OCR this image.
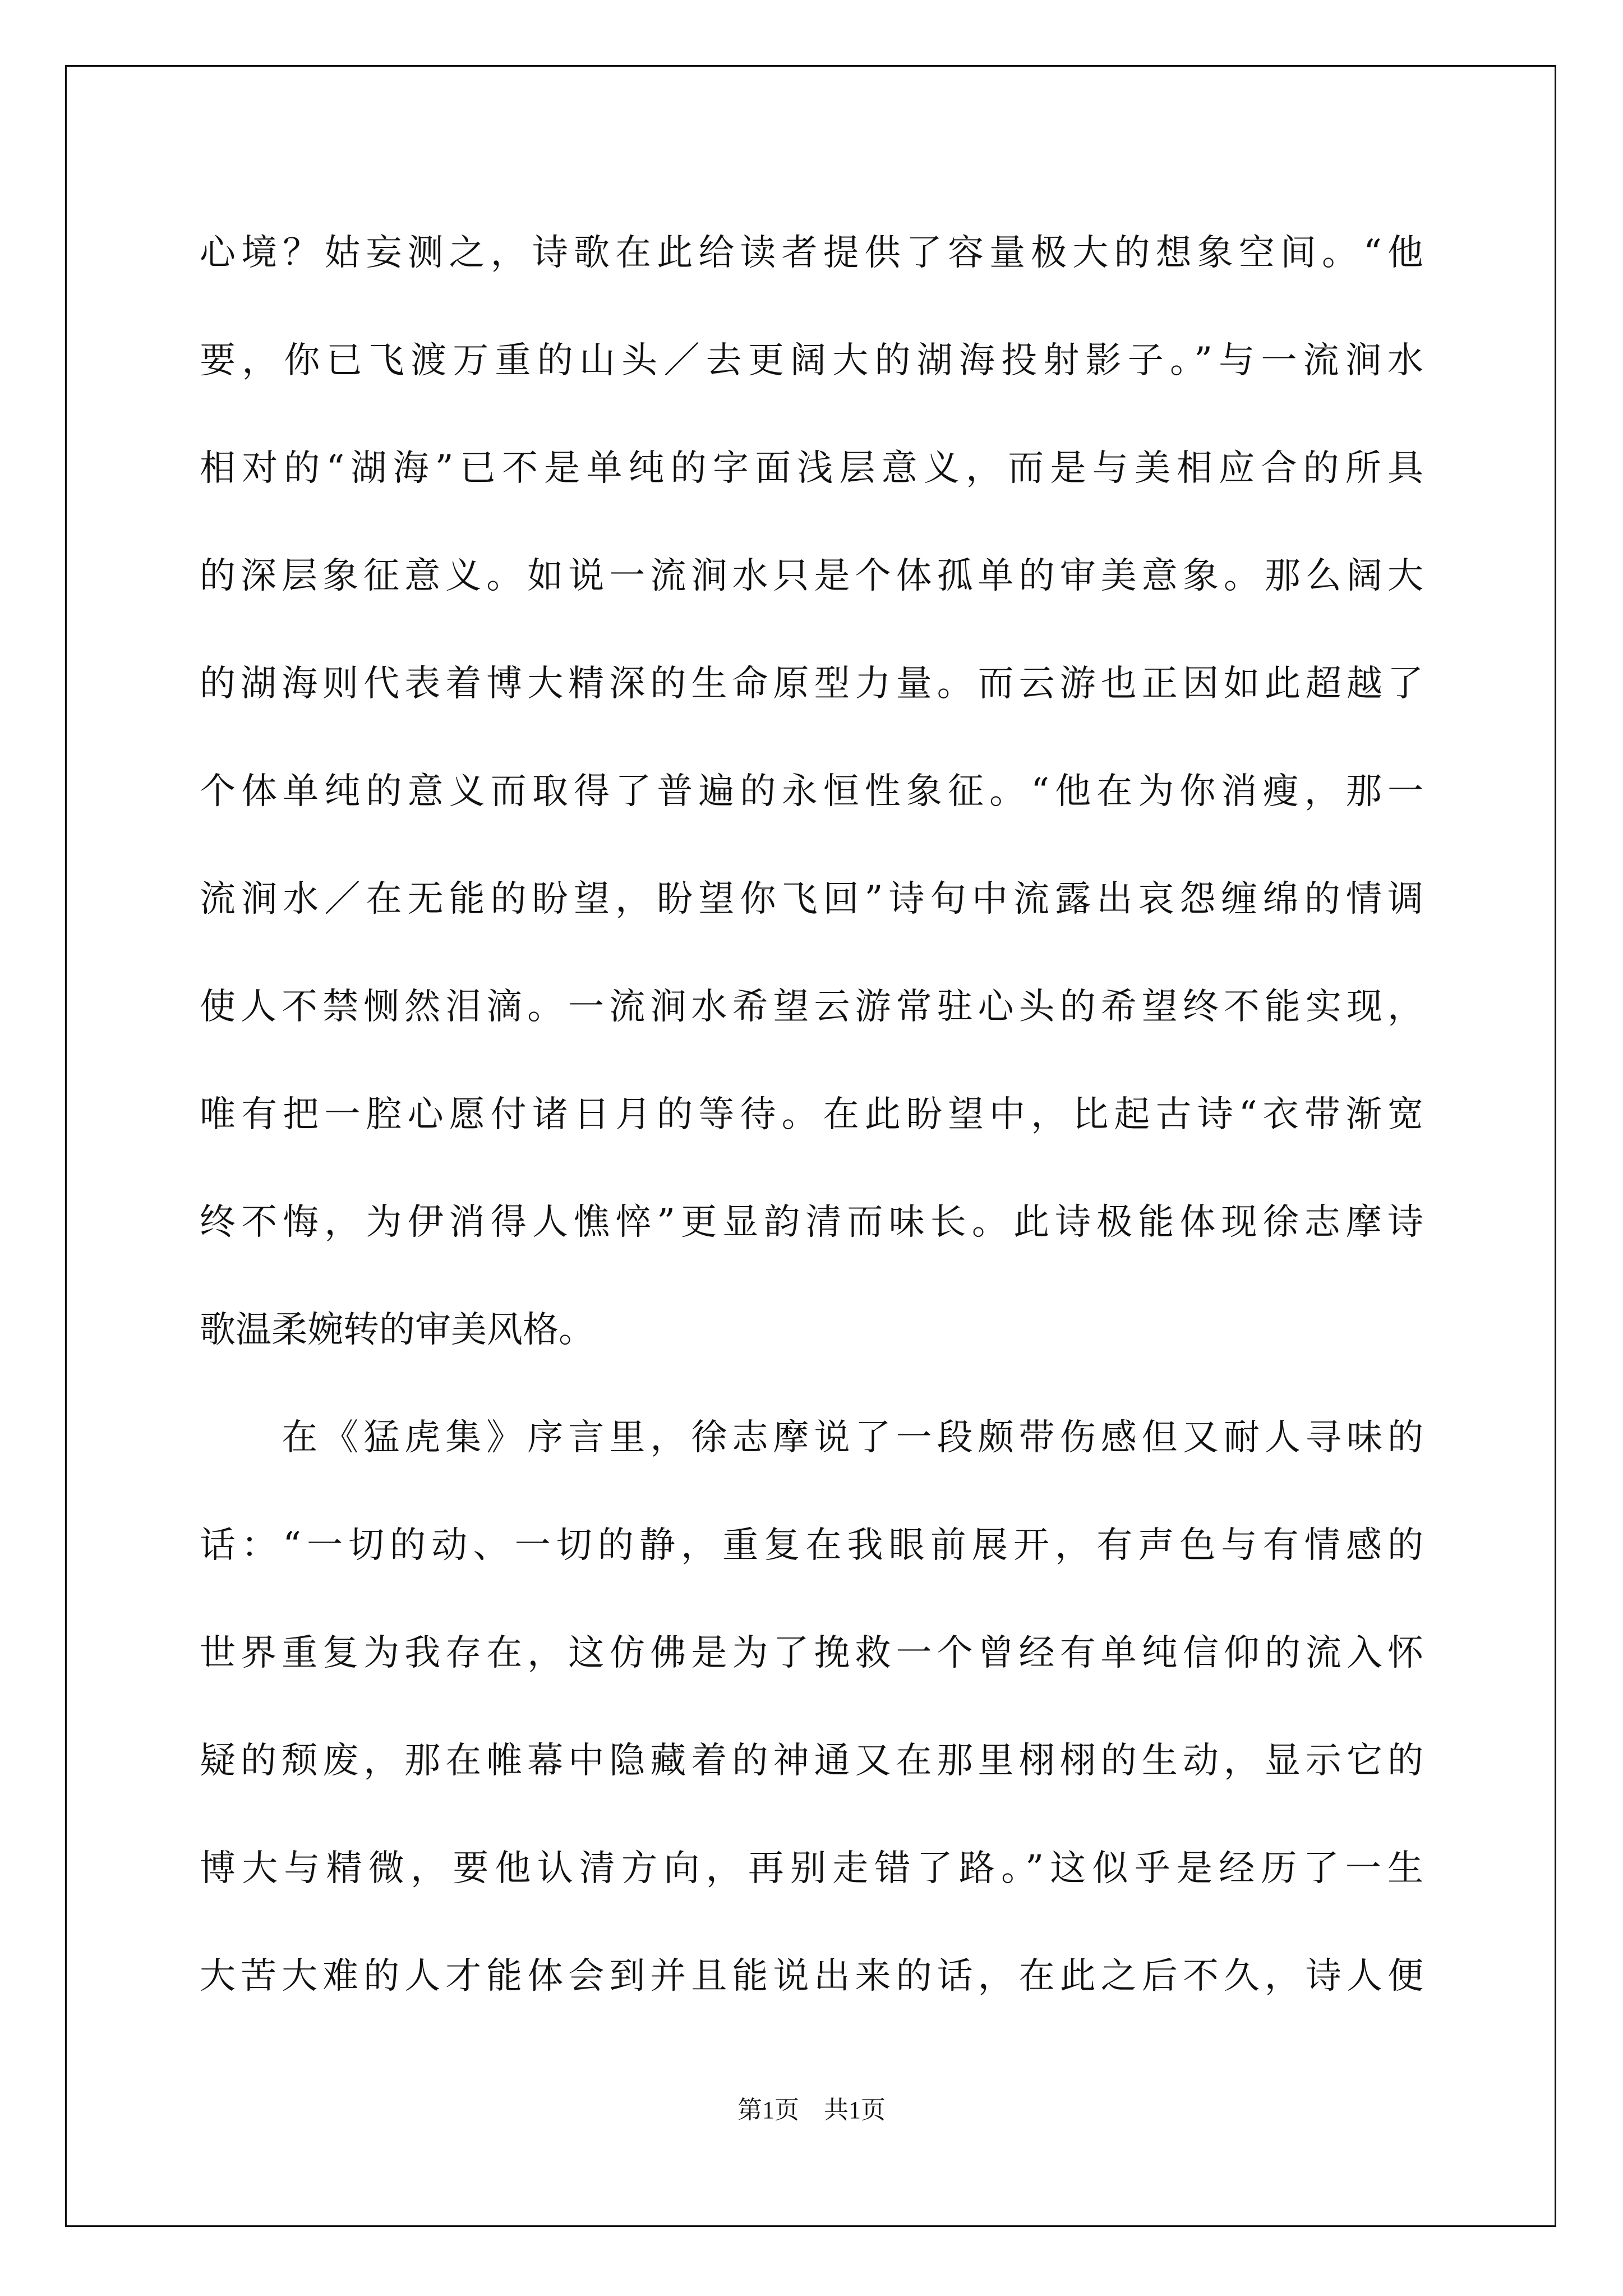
心境？姑妄测之，诗歌在此给读者提供了容量极大的想象空间。“他
要，你已飞渡万重的山头／去更阔大的湖海投射影子。”与一流涧水
相对的“湖海”已不是单纯的字面浅层意义，而是与美相应合的所具
的深层象征意义。如说一流涧水只是个体孤单的审美意象。那么阔大
的湖海则代表着博大精深的生命原型力量。而云游也正因如此超越了
个体单纯的意义而取得了普遍的永恒性象征。“他在为你消瘦，那一
流涧水／在无能的盼望，盼望你飞回”诗句中流露出哀怨缠绵的情调
使人不禁恻然泪滴。一流涧水希望云游常驻心头的希望终不能实现，
唯有把一腔心愿付诸日月的等待。在此盼望中，比起古诗“衣带渐宽
终不悔，为伊消得人憔悴”更显韵清而味长。此诗极能体现徐志摩诗
歌温柔婉转的审美风格。
　　在《猛虎集》序言里，徐志摩说了一段颇带伤感但又耐人寻味的
话：“一切的动、一切的静，重复在我眼前展开，有声色与有情感的
世界重复为我存在，这仿佛是为了挽救一个曾经有单纯信仰的流入怀
疑的颓废，那在帷幕中隐藏着的神通又在那里栩栩的生动，显示它的
博大与精微，要他认清方向，再别走错了路。”这似乎是经历了一生
大苦大难的人才能体会到并且能说出来的话，在此之后不久，诗人便
第1页　共1页
